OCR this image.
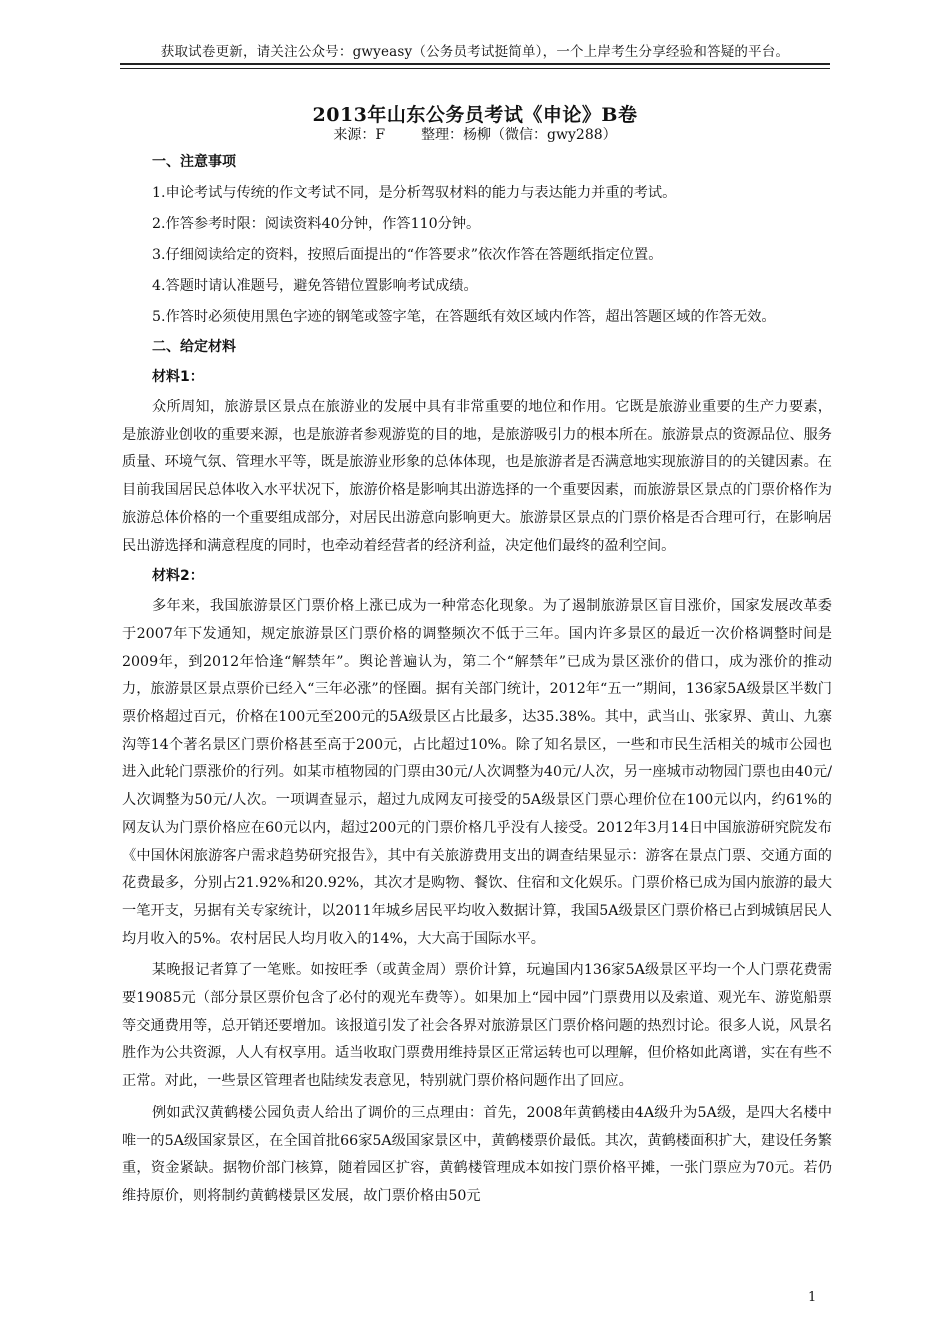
获取试卷更新，请关注公众号：gwyeasy（公务员考试挺简单），一个上岸考生分享经验和答疑的平台。
2013年山东公务员考试《申论》B卷
来源：F	整理：杨柳（微信：gwy288）
一、注意事项

1.申论考试与传统的作文考试不同，是分析驾驭材料的能力与表达能力并重的考试。

2.作答参考时限：阅读资料40分钟，作答110分钟。

3.仔细阅读给定的资料，按照后面提出的“作答要求”依次作答在答题纸指定位置。

4.答题时请认准题号，避免答错位置影响考试成绩。

5.作答时必须使用黑色字迹的钢笔或签字笔，在答题纸有效区域内作答，超出答题区域的作答无效。

二、给定材料
材料1：

众所周知，旅游景区景点在旅游业的发展中具有非常重要的地位和作用。它既是旅游业重要的生产力要素，是旅游业创收的重要来源，也是旅游者参观游览的目的地，是旅游吸引力的根本所在。旅游景点的资源品位、服务质量、环境气氛、管理水平等，既是旅游业形象的总体体现，也是旅游者是否满意地实现旅游目的的关键因素。在目前我国居民总体收入水平状况下，旅游价格是影响其出游选择的一个重要因素，而旅游景区景点的门票价格作为旅游总体价格的一个重要组成部分，对居民出游意向影响更大。旅游景区景点的门票价格是否合理可行，在影响居民出游选择和满意程度的同时，也牵动着经营者的经济利益，决定他们最终的盈利空间。

材料2：

多年来，我国旅游景区门票价格上涨已成为一种常态化现象。为了遏制旅游景区盲目涨价，国家发展改革委于2007年下发通知，规定旅游景区门票价格的调整频次不低于三年。国内许多景区的最近一次价格调整时间是2009年，到2012年恰逢“解禁年”。舆论普遍认为，第二个“解禁年”已成为景区涨价的借口，成为涨价的推动力，旅游景区景点票价已经入“三年必涨”的怪圈。据有关部门统计，2012年“五一”期间，136家5A级景区半数门票价格超过百元，价格在100元至200元的5A级景区占比最多，达35.38%。其中，武当山、张家界、黄山、九寨沟等14个著名景区门票价格甚至高于200元，占比超过10%。除了知名景区，一些和市民生活相关的城市公园也进入此轮门票涨价的行列。如某市植物园的门票由30元/人次调整为40元/人次，另一座城市动物园门票也由40元/人次调整为50元/人次。一项调查显示，超过九成网友可接受的5A级景区门票心理价位在100元以内，约61%的网友认为门票价格应在60元以内，超过200元的门票价格几乎没有人接受。2012年3月14日中国旅游研究院发布《中国休闲旅游客户需求趋势研究报告》，其中有关旅游费用支出的调查结果显示：游客在景点门票、交通方面的花费最多，分别占21.92%和20.92%，其次才是购物、餐饮、住宿和文化娱乐。门票价格已成为国内旅游的最大一笔开支，另据有关专家统计，以2011年城乡居民平均收入数据计算，我国5A级景区门票价格已占到城镇居民人均月收入的5%。农村居民人均月收入的14%，大大高于国际水平。

某晚报记者算了一笔账。如按旺季（或黄金周）票价计算，玩遍国内136家5A级景区平均一个人门票花费需要19085元（部分景区票价包含了必付的观光车费等）。如果加上“园中园”门票费用以及索道、观光车、游览船票等交通费用等，总开销还要增加。该报道引发了社会各界对旅游景区门票价格问题的热烈讨论。很多人说，风景名胜作为公共资源，人人有权享用。适当收取门票费用维持景区正常运转也可以理解，但价格如此离谱，实在有些不正常。对此，一些景区管理者也陆续发表意见，特别就门票价格问题作出了回应。

例如武汉黄鹤楼公园负责人给出了调价的三点理由：首先，2008年黄鹤楼由4A级升为5A级，是四大名楼中唯一的5A级国家景区，在全国首批66家5A级国家景区中，黄鹤楼票价最低。其次，黄鹤楼面积扩大，建设任务繁重，资金紧缺。据物价部门核算，随着园区扩容，黄鹤楼管理成本如按门票价格平摊，一张门票应为70元。若仍维持原价，则将制约黄鹤楼景区发展，故门票价格由50元

1
